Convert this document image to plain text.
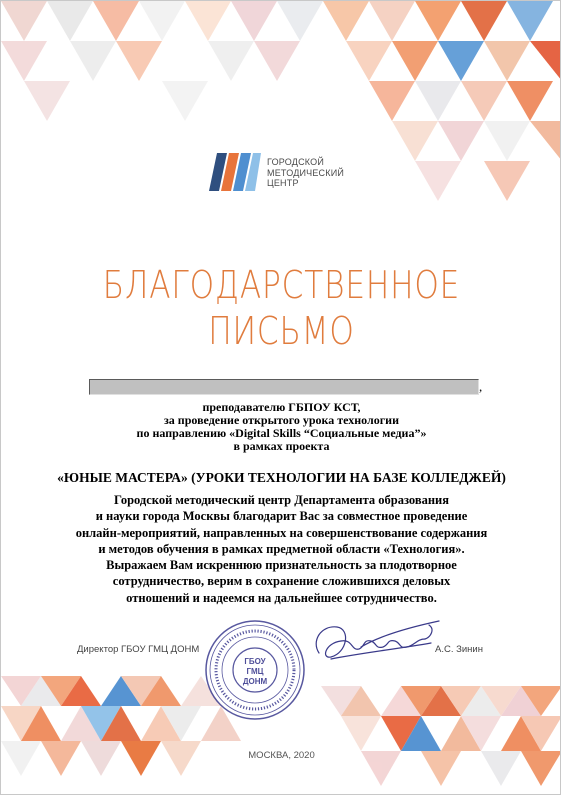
ГОРОДСКОЙ
МЕТОДИЧЕСКИЙ
ЦЕНТР
БЛАГОДАРСТВЕННОЕ
ПИСЬМО
,
преподавателю ГБПОУ КСТ,
за проведение открытого урока технологии
по направлению «Digital Skills “Социальные медиа”»
в рамках проекта
«ЮНЫЕ МАСТЕРА» (УРОКИ ТЕХНОЛОГИИ НА БАЗЕ КОЛЛЕДЖЕЙ)
Городской методический центр Департамента образования
и науки города Москвы благодарит Вас за совместное проведение
онлайн-мероприятий, направленных на совершенствование содержания
и методов обучения в рамках предметной области «Технология».
Выражаем Вам искреннюю признательность за плодотворное
сотрудничество, верим в сохранение сложившихся деловых
отношений и надеемся на дальнейшее сотрудничество.
Директор ГБОУ ГМЦ ДОНМ	А.С. Зинин
ГБОУ
ГМЦ
ДОНМ
МОСКВА, 2020
